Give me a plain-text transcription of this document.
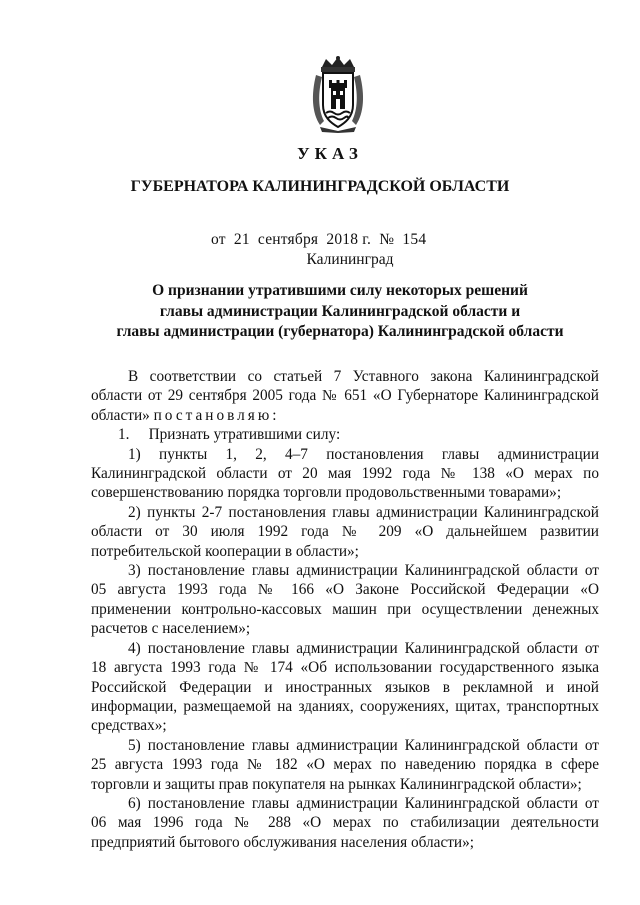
УКАЗ
ГУБЕРНАТОРА КАЛИНИНГРАДСКОЙ ОБЛАСТИ
от  21  сентября  2018 г.  №  154
Калининград
О признании утратившими силу некоторых решений
главы администрации Калининградской области и
главы администрации (губернатора) Калининградской области

В соответствии со статьей 7 Уставного закона Калининградской области от 29 сентября 2005 года № 651 «О Губернаторе Калининградской области» постановляю:

1.     Признать утратившими силу:

1) пункты 1, 2, 4–7 постановления главы администрации Калининградской области от 20 мая 1992 года № 138 «О мерах по совершенствованию порядка торговли продовольственными товарами»;

2) пункты 2-7 постановления главы администрации Калининградской области от 30 июля 1992 года № 209 «О дальнейшем развитии потребительской кооперации в области»;

3) постановление главы администрации Калининградской области от 05 августа 1993 года № 166 «О Законе Российской Федерации «О применении контрольно-кассовых машин при осуществлении денежных расчетов с населением»;

4) постановление главы администрации Калининградской области от 18 августа 1993 года № 174 «Об использовании государственного языка Российской Федерации и иностранных языков в рекламной и иной информации, размещаемой на зданиях, сооружениях, щитах, транспортных средствах»;

5) постановление главы администрации Калининградской области от 25 августа 1993 года № 182 «О мерах по наведению порядка в сфере торговли и защиты прав покупателя на рынках Калининградской области»;

6) постановление главы администрации Калининградской области от 06 мая 1996 года № 288 «О мерах по стабилизации деятельности предприятий бытового обслуживания населения области»;
